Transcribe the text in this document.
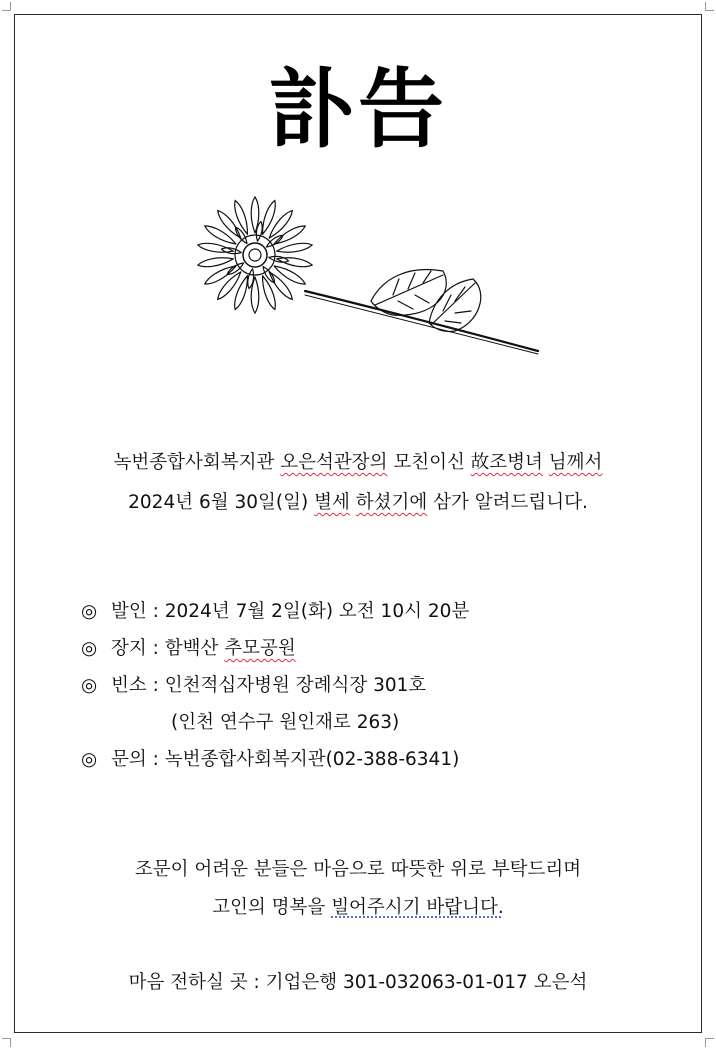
訃告
녹번종합사회복지관 오은석관장의 모친이신 故조병녀 님께서
2024년 6월 30일(일) 별세 하셨기에 삼가 알려드립니다.
◎ 발인 : 2024년 7월 2일(화) 오전 10시 20분
◎ 장지 : 함백산 추모공원
◎ 빈소 : 인천적십자병원 장례식장 301호
(인천 연수구 원인재로 263)
◎ 문의 : 녹번종합사회복지관(02-388-6341)
조문이 어려운 분들은 마음으로 따뜻한 위로 부탁드리며
고인의 명복을 빌어주시기 바랍니다.
마음 전하실 곳 : 기업은행 301-032063-01-017 오은석
